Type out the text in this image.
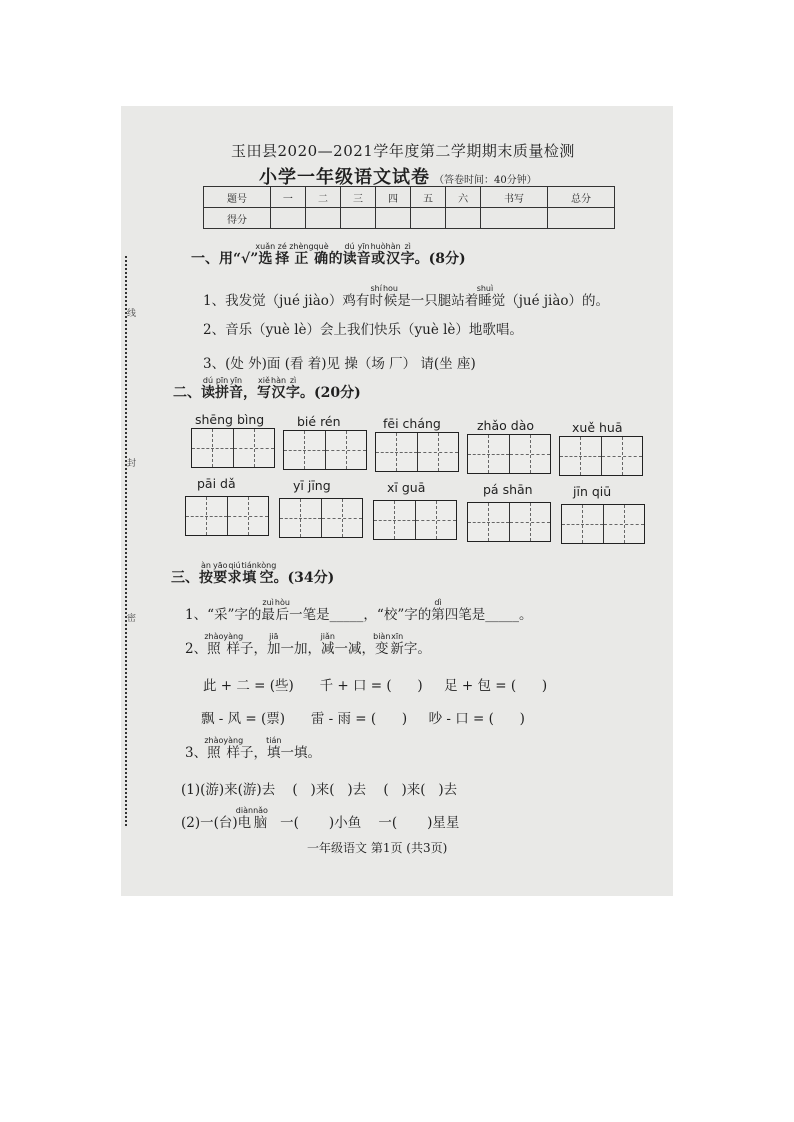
线
封
密
玉田县2020—2021学年度第二学期期末质量检测
小学一年级语文试卷 （答卷时间：40分钟）
题号	一	二	三	四	五	六	书写	总分
得分								
一、用“√”选xuǎn择zé正zhèng确què的读dú音yīn或huò汉hàn字zì。(8分)
1、我发觉（jué jiào）鸡有时shí候hou是一只腿站着睡shuì觉（jué jiào）的。
2、音乐（yuè lè）会上我们快乐（yuè lè）地歌唱。
3、(处 外)面 (看 着)见 操（场 厂） 请(坐 座)
二、读dú拼pīn音yīn，写xiě汉hàn字zì。(20分)
shēng bìng	bié rén	fēi cháng	zhǎo dào	xuě huā
pāi dǎ	yī jīng	xī guā	pá shān	jīn qiū
三、按àn要yāo求qiú填tián空kòng。(34分)
1、“采”字的最zuì后hòu一笔是_____，“校”字的第dì四笔是_____。
2、照zhào样yàng子，加jiā一加，减jiǎn一减，变biàn新xīn字。
此 + 二 = (些)      千 + 口 = (      )     足 + 包 = (      )
飘 - 风 = (票)      雷 - 雨 = (      )     吵 - 口 = (      )
3、照zhào样yàng子，填tián一填。
(1)(游)来(游)去    (   )来(   )去    (   )来(   )去
(2)一(台)电diàn脑nǎo   一(       )小鱼    一(       )星星
一年级语文 第1页 (共3页)
